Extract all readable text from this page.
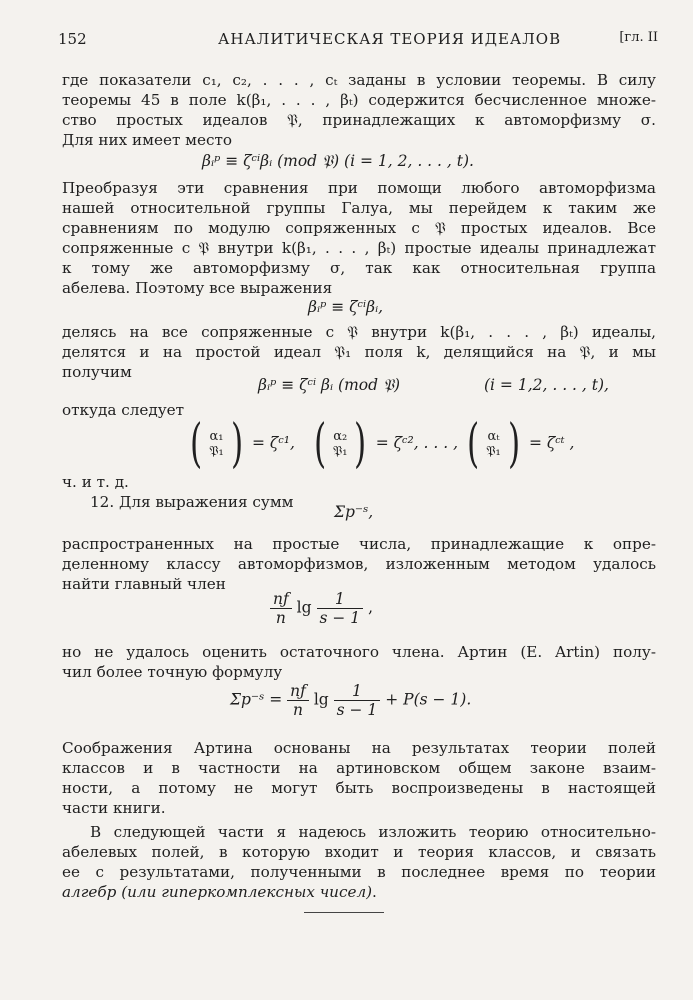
152	АНАЛИТИЧЕСКАЯ ТЕОРИЯ ИДЕАЛОВ	[гл. II
где показатели c₁, c₂, . . . , cₜ заданы в условии теоремы. В силу
теоремы 45 в поле k(β₁, . . . , βₜ) содержится бесчисленное множе-
ство простых идеалов 𝔓, принадлежащих к автоморфизму σ.
Для них имеет место
βᵢᵖ ≡ ζᶜⁱβᵢ (mod 𝔓) (i = 1, 2, . . . , t).
Преобразуя эти сравнения при помощи любого автоморфизма
нашей относительной группы Галуа, мы перейдем к таким же
сравнениям по модулю сопряженных с 𝔓 простых идеалов. Все
сопряженные с 𝔓 внутри k(β₁, . . . , βₜ) простые идеалы принадлежат
к тому же автоморфизму σ, так как относительная группа
абелева. Поэтому все выражения
βᵢᵖ ≡ ζᶜⁱβᵢ,
делясь на все сопряженные с 𝔓 внутри k(β₁, . . . , βₜ) идеалы,
делятся и на простой идеал 𝔓₁ поля k, делящийся на 𝔓, и мы
получим
βᵢᵖ ≡ ζᶜⁱ βᵢ (mod 𝔓)	(i = 1,2, . . . , t),
откуда следует
( α₁
𝔓₁ ) = ζᶜ¹, ( α₂
𝔓₁ ) = ζᶜ², . . . , ( αₜ
𝔓₁ ) = ζᶜᵗ ,
ч. и т. д.
12. Для выражения сумм
Σp⁻ˢ,
распространенных на простые числа, принадлежащие к опре-
деленному классу автоморфизмов, изложенным методом удалось
найти главный член
$\frac{nƒ}{n}$ $\lg \frac{1}{s - 1}$ ,
но не удалось оценить остаточного члена. Артин (E. Artin) полу-
чил более точную формулу
Σp⁻ˢ = $\frac{nƒ}{n}$ $\lg \frac{1}{s - 1} + P(s - 1)$.
Соображения Артина основаны на результатах теории полей
классов и в частности на артиновском общем законе взаим-
ности, а потому не могут быть воспроизведены в настоящей
части книги.
В следующей части я надеюсь изложить теорию относительно-
абелевых полей, в которую входит и теория классов, и связать
ее с результатами, полученными в последнее время по теории
алгебр (или гиперкомплексных чисел).
